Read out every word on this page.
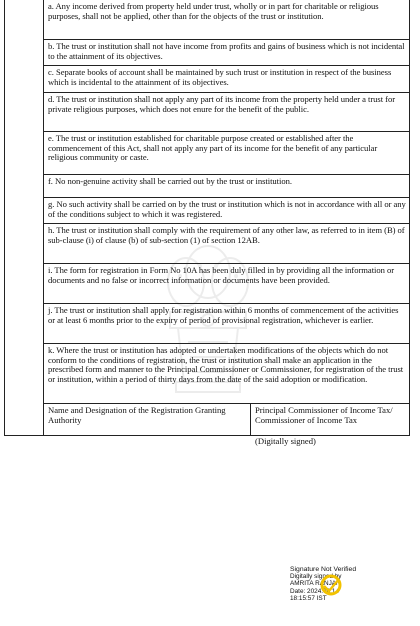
a. Any income derived from property held under trust, wholly or in part for charitable or religious purposes, shall not be applied, other than for the objects of the trust or institution.

b. The trust or institution shall not have income from profits and gains of business which is not incidental to the attainment of its objectives.

c. Separate books of account shall be maintained by such trust or institution in respect of the business which is incidental to the attainment of its objectives.

d. The trust or institution shall not apply any part of its income from the property held under a trust for private religious purposes, which does not enure for the benefit of the public.

e. The trust or institution established for charitable purpose created or established after the commencement of this Act, shall not apply any part of its income for the benefit of any particular religious community or caste.

f. No non-genuine activity shall be carried out by the trust or institution.

g. No such activity shall be carried on by the trust or institution which is not in accordance with all or any of the conditions subject to which it was registered.

h. The trust or institution shall comply with the requirement of any other law, as referred to in item (B) of sub-clause (i) of clause (b) of sub-section (1) of section 12AB.

i. The form for registration in Form No 10A has been duly filled in by providing all the information or documents and no false or incorrect information or documents have been provided.

j. The trust or institution shall apply for registration within 6 months of commencement of the activities or at least 6 months prior to the expiry of period of provisional registration, whichever is earlier.

k. Where the trust or institution has adopted or undertaken modifications of the objects which do not conform to the conditions of registration, the trust or institution shall make an application in the prescribed form and manner to the Principal Commissioner or Commissioner, for registration of the trust or institution, within a period of thirty days from the date of the said adoption or modification.

Name and Designation of the Registration Granting Authority
Principal Commissioner of Income Tax/ Commissioner of Income Tax
(Digitally signed)
Signature Not Verified
Digitally signed by
AMRITA RANJAN
Date: 2024.06.14
18:15:57 IST
